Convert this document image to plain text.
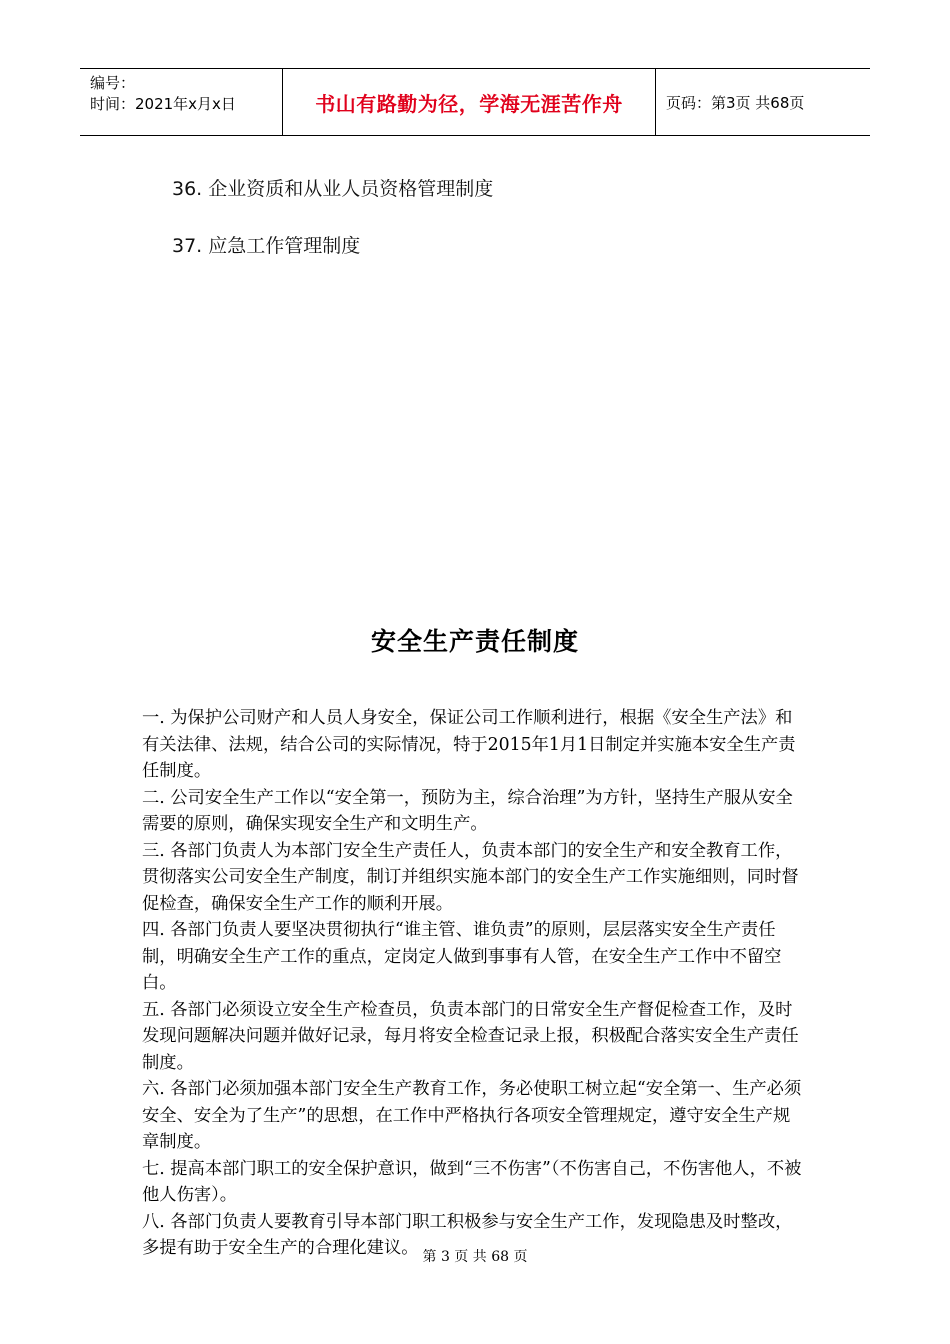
编号：
时间：2021年x月x日	书山有路勤为径，学海无涯苦作舟	页码：第3页 共68页
36. 企业资质和从业人员资格管理制度
37. 应急工作管理制度
安全生产责任制度

一. 为保护公司财产和人员人身安全，保证公司工作顺利进行，根据《安全生产法》和有关法律、法规，结合公司的实际情况，特于2015年1月1日制定并实施本安全生产责任制度。

二. 公司安全生产工作以“安全第一，预防为主，综合治理”为方针，坚持生产服从安全需要的原则，确保实现安全生产和文明生产。

三. 各部门负责人为本部门安全生产责任人，负责本部门的安全生产和安全教育工作，贯彻落实公司安全生产制度，制订并组织实施本部门的安全生产工作实施细则，同时督促检查，确保安全生产工作的顺利开展。

四. 各部门负责人要坚决贯彻执行“谁主管、谁负责”的原则，层层落实安全生产责任制，明确安全生产工作的重点，定岗定人做到事事有人管，在安全生产工作中不留空白。

五. 各部门必须设立安全生产检查员，负责本部门的日常安全生产督促检查工作，及时发现问题解决问题并做好记录，每月将安全检查记录上报，积极配合落实安全生产责任制度。

六. 各部门必须加强本部门安全生产教育工作，务必使职工树立起“安全第一、生产必须安全、安全为了生产”的思想，在工作中严格执行各项安全管理规定，遵守安全生产规章制度。

七. 提高本部门职工的安全保护意识，做到“三不伤害”（不伤害自己，不伤害他人，不被他人伤害）。

八. 各部门负责人要教育引导本部门职工积极参与安全生产工作，发现隐患及时整改，多提有助于安全生产的合理化建议。 第 3 页 共 68 页
